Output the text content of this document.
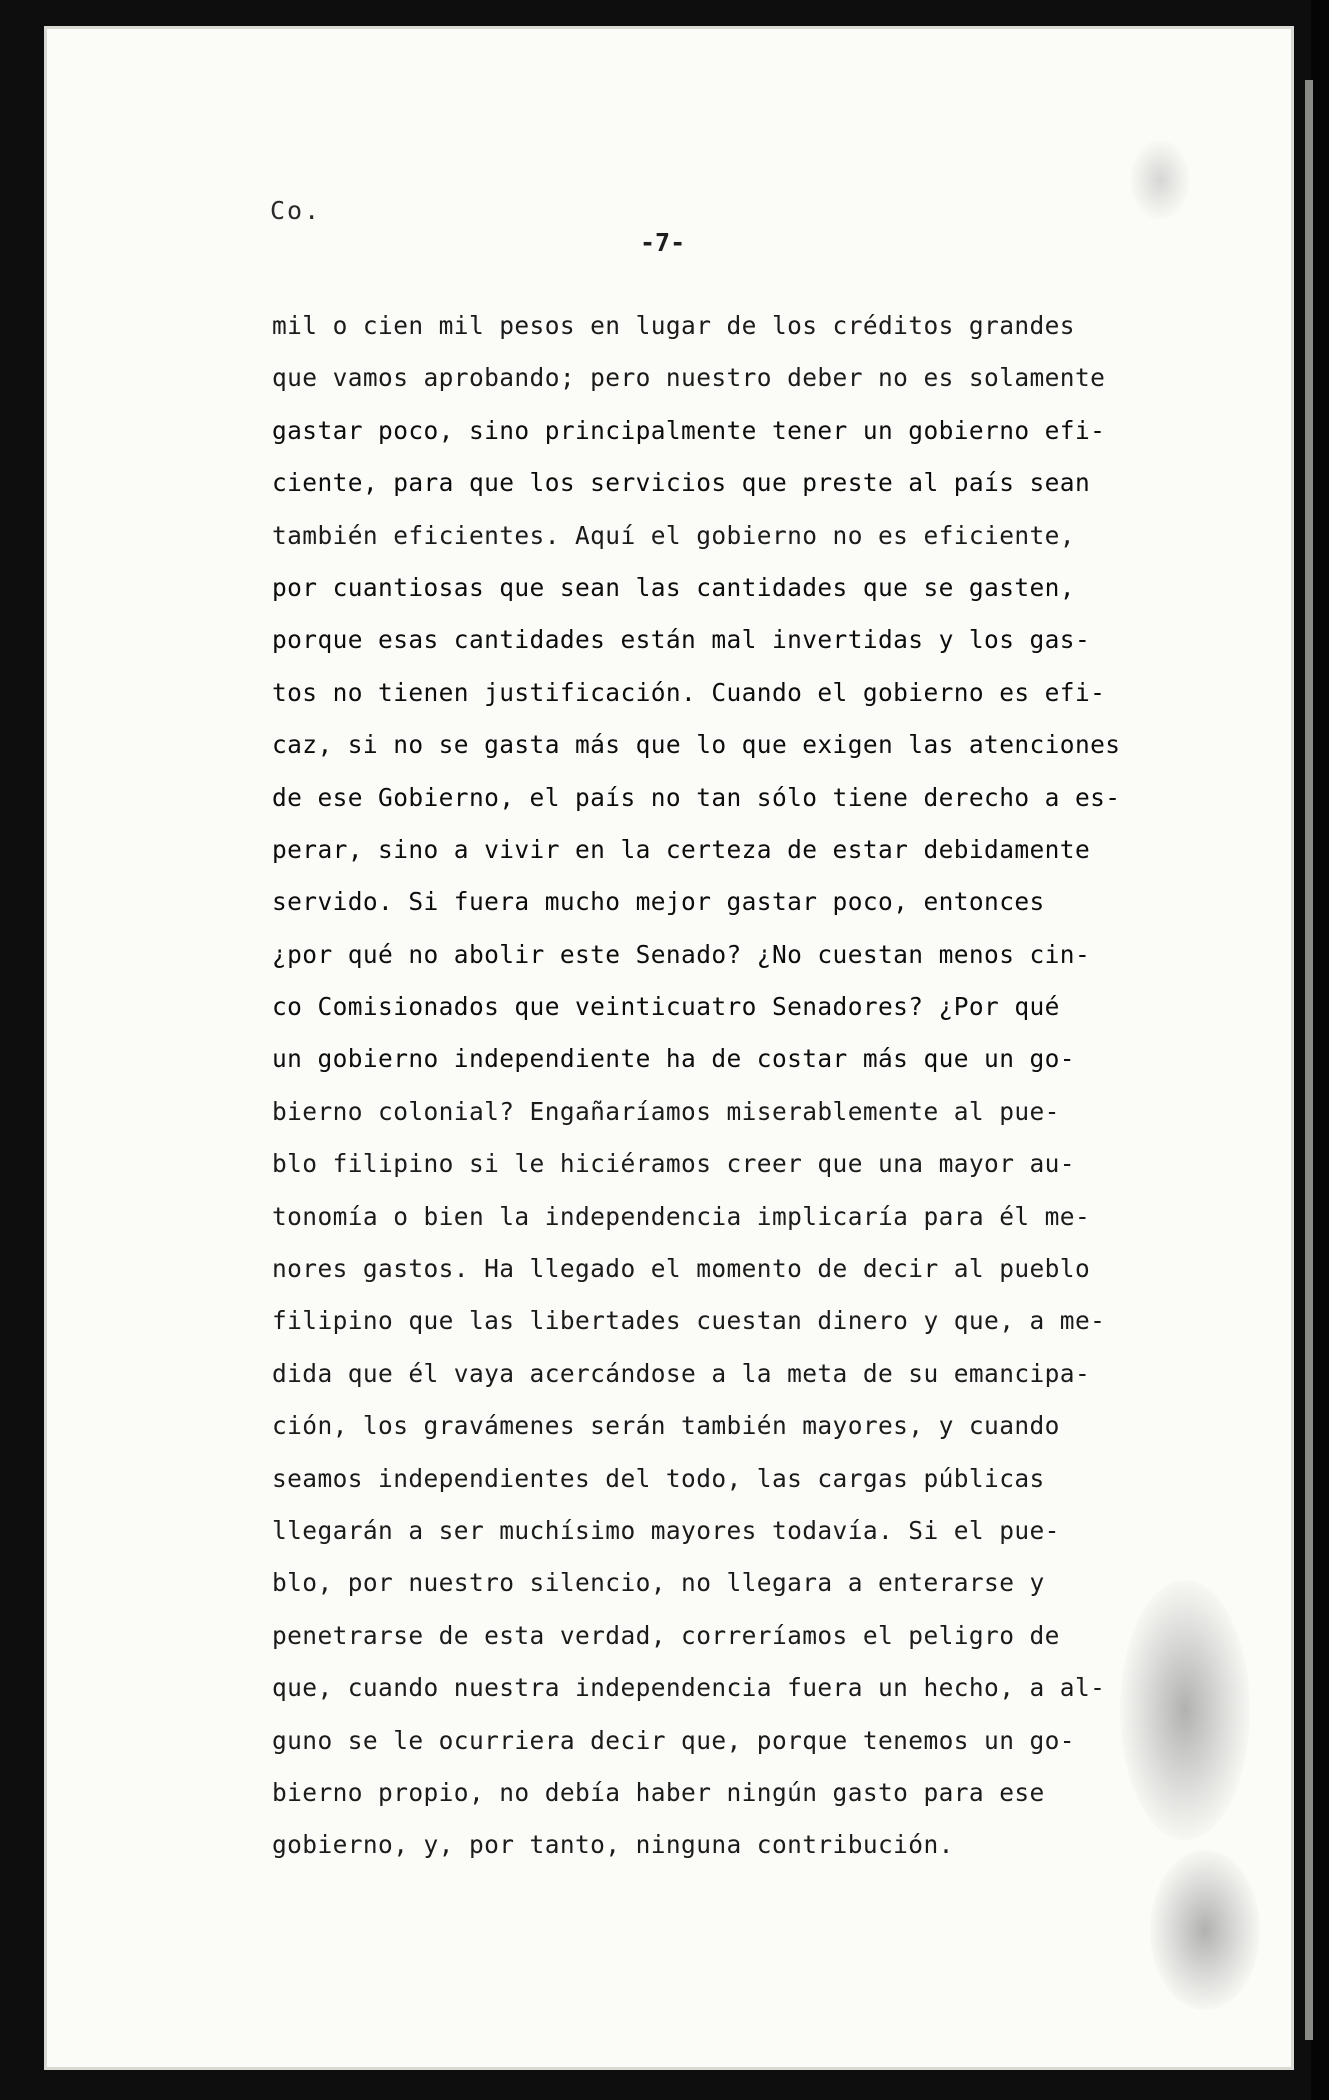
Co.
-7-
mil o cien mil pesos en lugar de los créditos grandes
que vamos aprobando; pero nuestro deber no es solamente
gastar poco, sino principalmente tener un gobierno efi-
ciente, para que los servicios que preste al país sean
también eficientes. Aquí el gobierno no es eficiente,
por cuantiosas que sean las cantidades que se gasten,
porque esas cantidades están mal invertidas y los gas-
tos no tienen justificación. Cuando el gobierno es efi-
caz, si no se gasta más que lo que exigen las atenciones
de ese Gobierno, el país no tan sólo tiene derecho a es-
perar, sino a vivir en la certeza de estar debidamente
servido. Si fuera mucho mejor gastar poco, entonces
¿por qué no abolir este Senado? ¿No cuestan menos cin-
co Comisionados que veinticuatro Senadores? ¿Por qué
un gobierno independiente ha de costar más que un go-
bierno colonial? Engañaríamos miserablemente al pue-
blo filipino si le hiciéramos creer que una mayor au-
tonomía o bien la independencia implicaría para él me-
nores gastos. Ha llegado el momento de decir al pueblo
filipino que las libertades cuestan dinero y que, a me-
dida que él vaya acercándose a la meta de su emancipa-
ción, los gravámenes serán también mayores, y cuando
seamos independientes del todo, las cargas públicas
llegarán a ser muchísimo mayores todavía. Si el pue-
blo, por nuestro silencio, no llegara a enterarse y
penetrarse de esta verdad, correríamos el peligro de
que, cuando nuestra independencia fuera un hecho, a al-
guno se le ocurriera decir que, porque tenemos un go-
bierno propio, no debía haber ningún gasto para ese
gobierno, y, por tanto, ninguna contribución.
